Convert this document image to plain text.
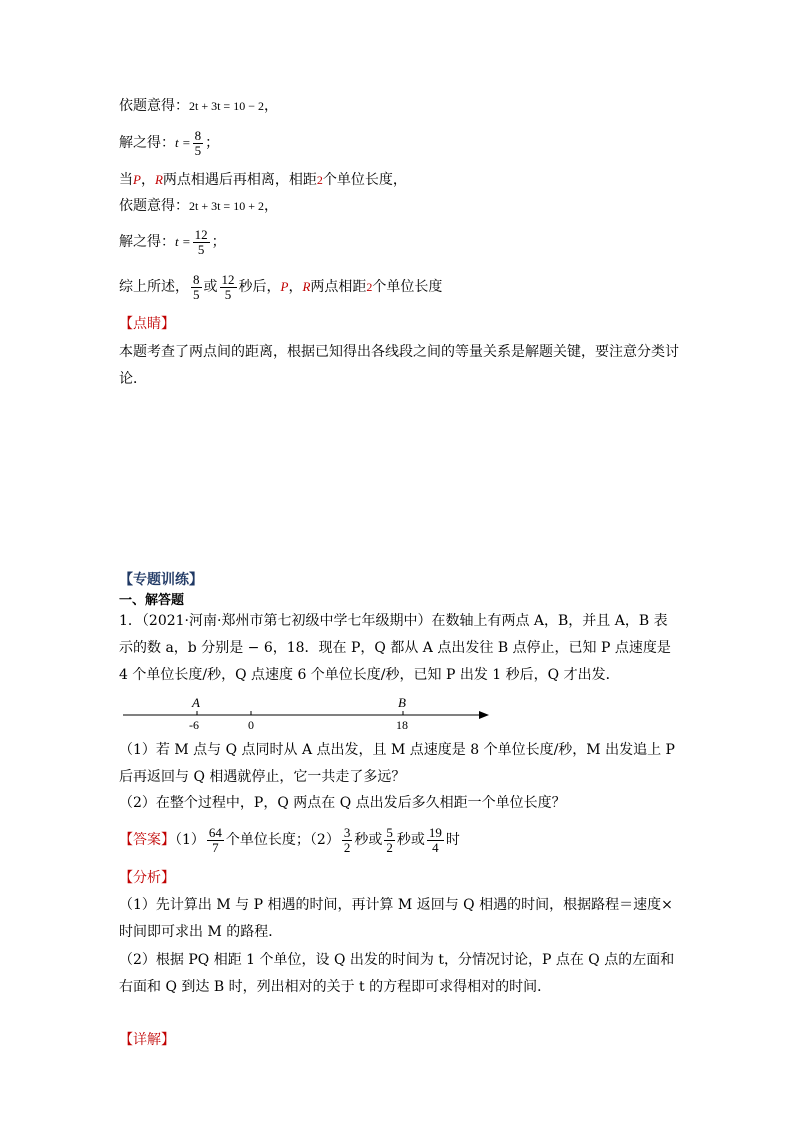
依题意得：2t + 3t = 10 − 2，
解之得：$t = \frac{8}{5}$ ；
当P，R两点相遇后再相离，相距2个单位长度，
依题意得：2t + 3t = 10 + 2，
解之得：$t = \frac{12}{5}$ ；
综上所述， $\frac{8}{5}$ 或 $\frac{12}{5}$ 秒后，P，R两点相距2个单位长度
【点睛】
本题考查了两点间的距离，根据已知得出各线段之间的等量关系是解题关键，要注意分类讨论．
【专题训练】
一、解答题
1．（2021·河南·郑州市第七初级中学七年级期中）在数轴上有两点 A，B，并且 A，B 表示的数 a，b 分别是 − 6，18．现在 P，Q 都从 A 点出发往 B 点停止，已知 P 点速度是 4 个单位长度/秒，Q 点速度 6 个单位长度/秒，已知 P 出发 1 秒后，Q 才出发．
A	B
-6	0	18
（1）若 M 点与 Q 点同时从 A 点出发，且 M 点速度是 8 个单位长度/秒，M 出发追上 P 后再返回与 Q 相遇就停止，它一共走了多远？
（2）在整个过程中，P，Q 两点在 Q 点出发后多久相距一个单位长度？
【答案】$(1) \frac{64}{7}$ 个单位长度；$(2) \frac{3}{2}$ 秒或 $\frac{5}{2}$ 秒或 $\frac{19}{4}$ 时
【分析】
（1）先计算出 M 与 P 相遇的时间，再计算 M 返回与 Q 相遇的时间，根据路程＝速度×时间即可求出 M 的路程．
（2）根据 PQ 相距 1 个单位，设 Q 出发的时间为 t，分情况讨论，P 点在 Q 点的左面和右面和 Q 到达 B 时，列出相对的关于 t 的方程即可求得相对的时间．
【详解】
